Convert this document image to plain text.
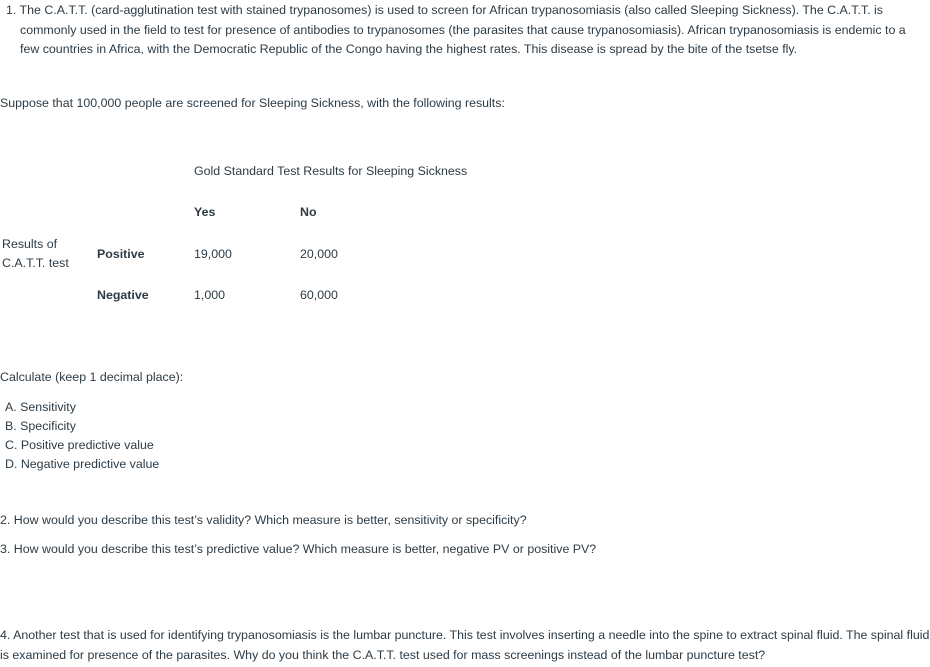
1. The C.A.T.T. (card-agglutination test with stained trypanosomes) is used to screen for African trypanosomiasis (also called Sleeping Sickness). The C.A.T.T. is
commonly used in the field to test for presence of antibodies to trypanosomes (the parasites that cause trypanosomiasis). African trypanosomiasis is endemic to a few countries in Africa, with the Democratic Republic of the Congo having the highest rates. This disease is spread by the bite of the tsetse fly.
Suppose that 100,000 people are screened for Sleeping Sickness, with the following results:
Gold Standard Test Results for Sleeping Sickness
Yes	No
Results of
C.A.T.T. test
Positive	19,000	20,000
Negative	1,000	60,000
Calculate (keep 1 decimal place):
A. Sensitivity
B. Specificity
C. Positive predictive value
D. Negative predictive value
2. How would you describe this test’s validity? Which measure is better, sensitivity or specificity?
3. How would you describe this test’s predictive value? Which measure is better, negative PV or positive PV?
4. Another test that is used for identifying trypanosomiasis is the lumbar puncture. This test involves inserting a needle into the spine to extract spinal fluid. The spinal fluid is examined for presence of the parasites. Why do you think the C.A.T.T. test used for mass screenings instead of the lumbar puncture test?
